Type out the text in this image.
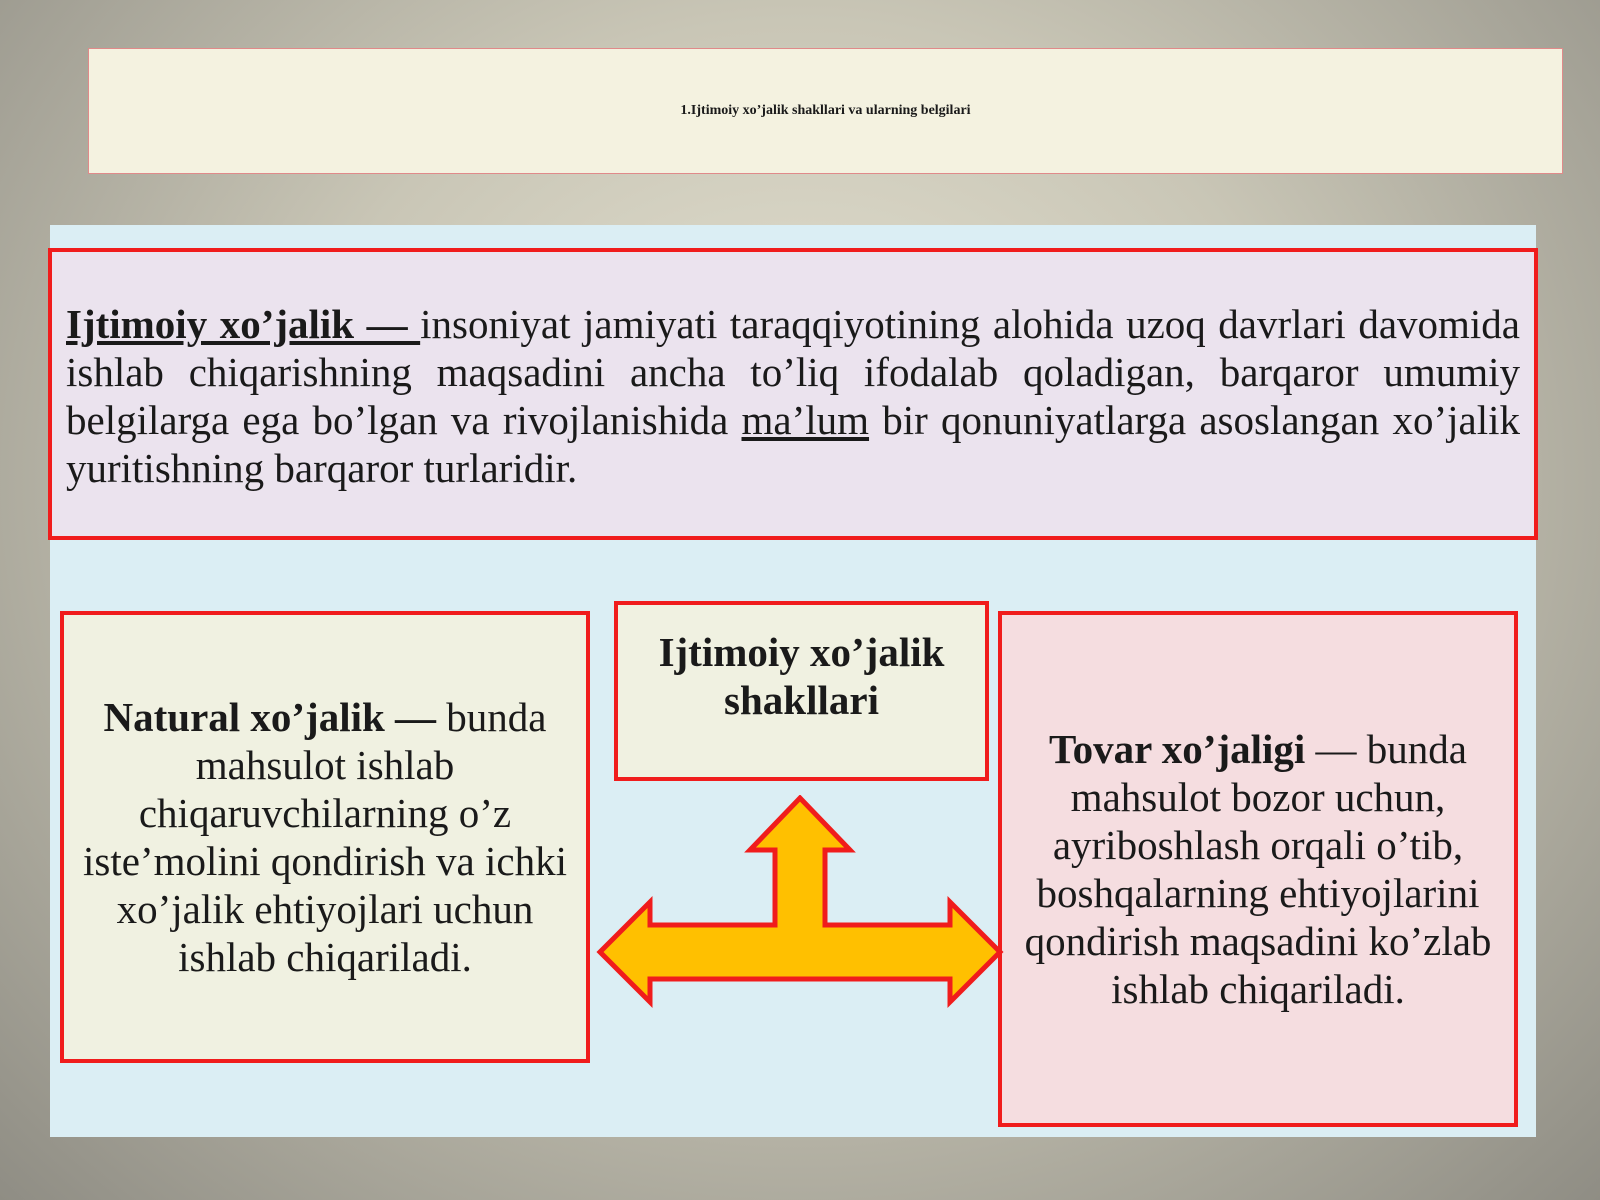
1.Ijtimoiy xo’jalik shakllari va ularning belgilari
Ijtimoiy xo’jalik — insoniyat jamiyati taraqqiyotining alohida uzoq davrlari davomida ishlab chiqarishning maqsadini ancha to’liq ifodalab qoladigan, barqaror umumiy belgilarga ega bo’lgan va rivojlanishida ma’lum bir qonuniyatlarga asoslangan xo’jalik yuritishning barqaror turlaridir.
Natural xo’jalik — bunda mahsulot ishlab chiqaruvchilarning o’z iste’molini qondirish va ichki xo’jalik ehtiyojlari uchun ishlab chiqariladi.
Ijtimoiy xo’jalik shakllari
Tovar xo’jaligi — bunda mahsulot bozor uchun, ayriboshlash orqali o’tib, boshqalarning ehtiyojlarini qondirish maqsadini ko’zlab ishlab chiqariladi.
